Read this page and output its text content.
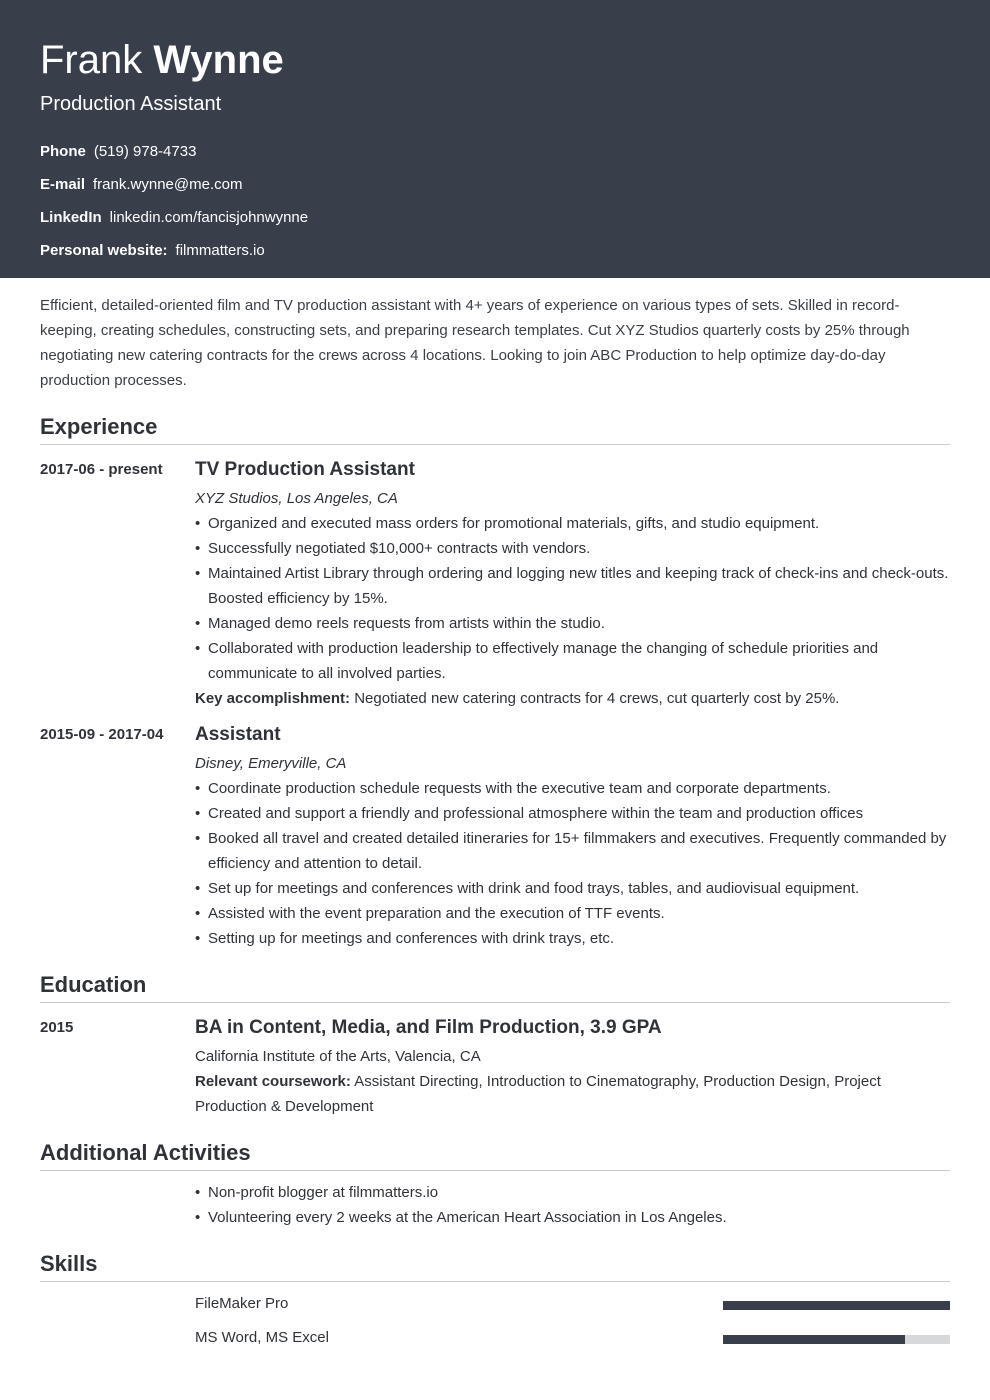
Frank Wynne
Production Assistant
Phone (519) 978-4733
E-mail frank.wynne@me.com
LinkedIn linkedin.com/fancisjohnwynne
Personal website: filmmatters.io
Efficient, detailed-oriented film and TV production assistant with 4+ years of experience on various types of sets. Skilled in record-keeping, creating schedules, constructing sets, and preparing research templates. Cut XYZ Studios quarterly costs by 25% through negotiating new catering contracts for the crews across 4 locations. Looking to join ABC Production to help optimize day-do-day production processes.
Experience
2017-06 - present TV Production Assistant
XYZ Studios, Los Angeles, CA
• Organized and executed mass orders for promotional materials, gifts, and studio equipment.
• Successfully negotiated $10,000+ contracts with vendors.
• Maintained Artist Library through ordering and logging new titles and keeping track of check-ins and check-outs. Boosted efficiency by 15%.
• Managed demo reels requests from artists within the studio.
• Collaborated with production leadership to effectively manage the changing of schedule priorities and communicate to all involved parties.
Key accomplishment: Negotiated new catering contracts for 4 crews, cut quarterly cost by 25%.
2015-09 - 2017-04 Assistant
Disney, Emeryville, CA
• Coordinate production schedule requests with the executive team and corporate departments.
• Created and support a friendly and professional atmosphere within the team and production offices
• Booked all travel and created detailed itineraries for 15+ filmmakers and executives. Frequently commanded by efficiency and attention to detail.
• Set up for meetings and conferences with drink and food trays, tables, and audiovisual equipment.
• Assisted with the event preparation and the execution of TTF events.
• Setting up for meetings and conferences with drink trays, etc.
Education
2015	BA in Content, Media, and Film Production, 3.9 GPA
California Institute of the Arts, Valencia, CA
Relevant coursework: Assistant Directing, Introduction to Cinematography, Production Design, Project Production & Development
Additional Activities
• Non-profit blogger at filmmatters.io
• Volunteering every 2 weeks at the American Heart Association in Los Angeles.
Skills
FileMaker Pro
MS Word, MS Excel
